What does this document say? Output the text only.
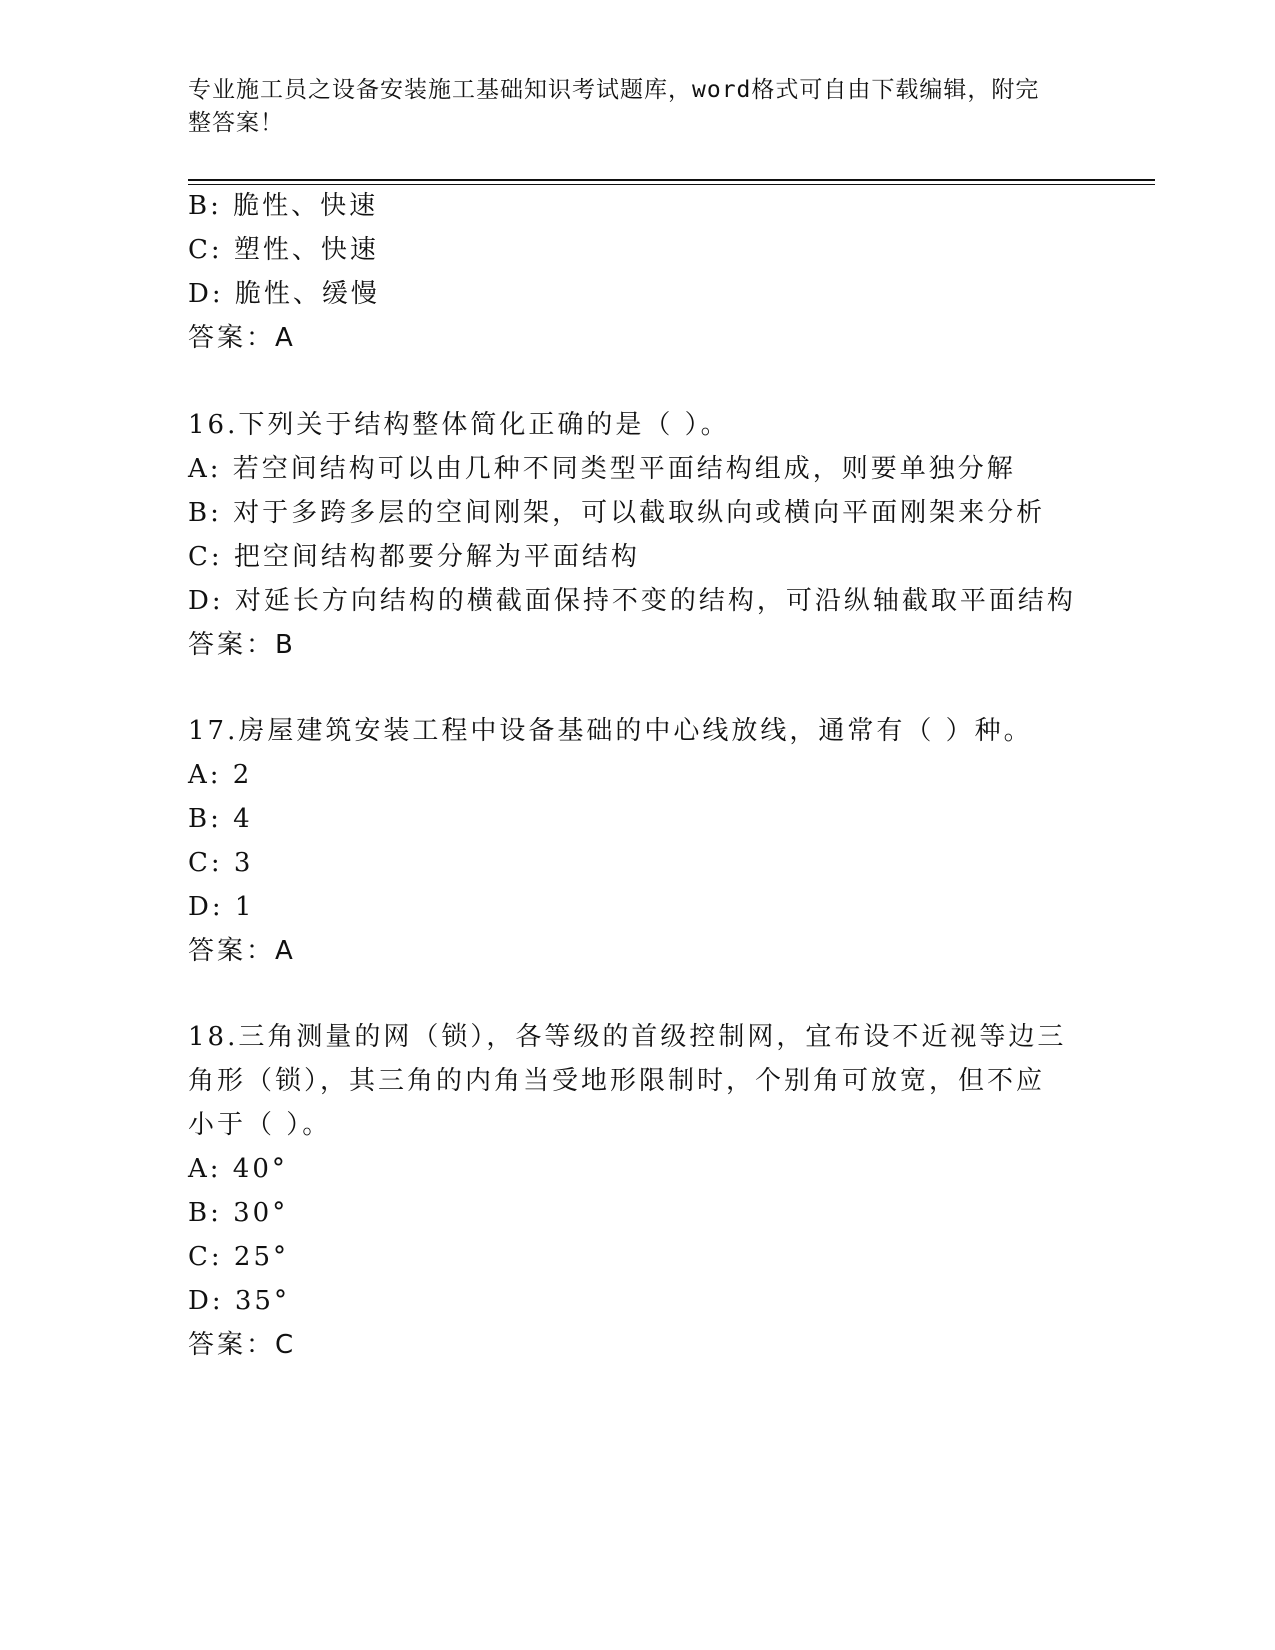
专业施工员之设备安装施工基础知识考试题库，word格式可自由下载编辑，附完
整答案！
B: 脆性、快速
C: 塑性、快速
D: 脆性、缓慢
答案：A
16.下列关于结构整体简化正确的是（ ）。
A: 若空间结构可以由几种不同类型平面结构组成，则要单独分解
B: 对于多跨多层的空间刚架，可以截取纵向或横向平面刚架来分析
C: 把空间结构都要分解为平面结构
D: 对延长方向结构的横截面保持不变的结构，可沿纵轴截取平面结构
答案：B
17.房屋建筑安装工程中设备基础的中心线放线，通常有（ ）种。
A: 2
B: 4
C: 3
D: 1
答案：A
18.三角测量的网（锁），各等级的首级控制网，宜布设不近视等边三
角形（锁），其三角的内角当受地形限制时，个别角可放宽，但不应
小于（ ）。
A: 40°
B: 30°
C: 25°
D: 35°
答案：C
